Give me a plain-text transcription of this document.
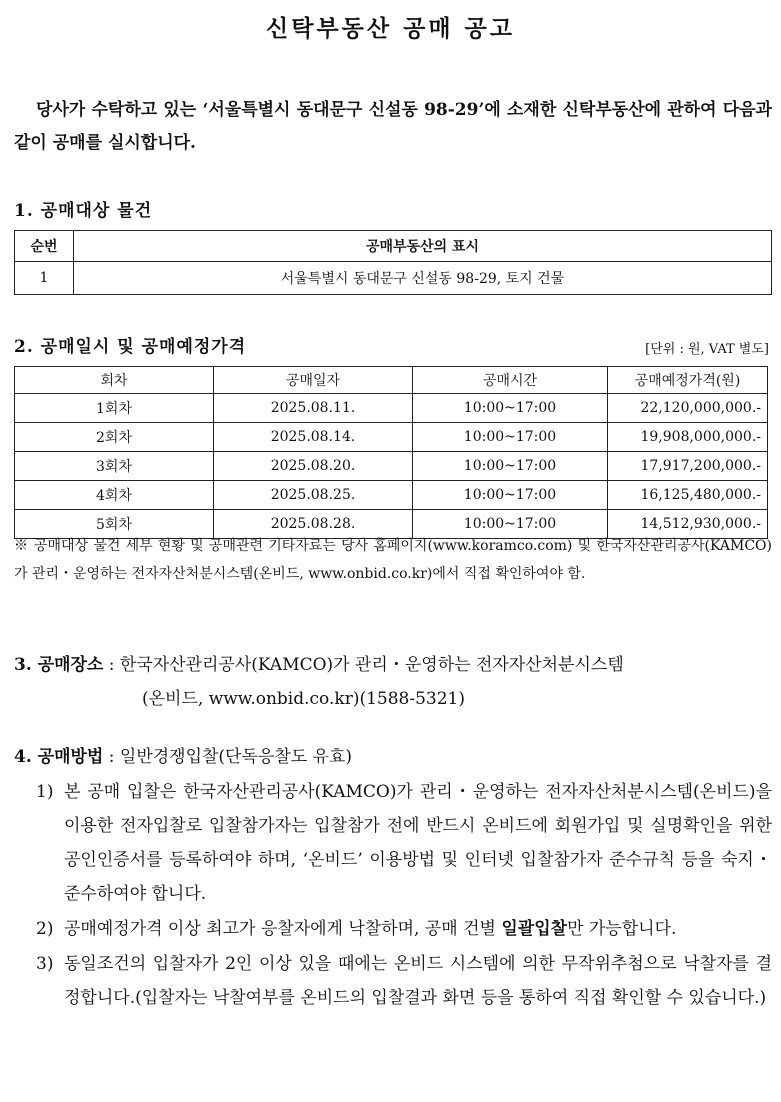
신탁부동산 공매 공고
당사가 수탁하고 있는 ‘서울특별시 동대문구 신설동 98-29’에 소재한 신탁부동산에 관하여 다음과 같이 공매를 실시합니다.
1. 공매대상 물건
순번	공매부동산의 표시
1	서울특별시 동대문구 신설동 98-29, 토지 건물
2. 공매일시 및 공매예정가격	[단위 : 원, VAT 별도]
회차	공매일자	공매시간	공매예정가격(원)
1회차	2025.08.11.	10:00~17:00	22,120,000,000.-
2회차	2025.08.14.	10:00~17:00	19,908,000,000.-
3회차	2025.08.20.	10:00~17:00	17,917,200,000.-
4회차	2025.08.25.	10:00~17:00	16,125,480,000.-
5회차	2025.08.28.	10:00~17:00	14,512,930,000.-
※ 공매대상 물건 세부 현황 및 공매관련 기타자료는 당사 홈페이지(www.koramco.com) 및 한국자산관리공사(KAMCO)가 관리・운영하는 전자자산처분시스템(온비드, www.onbid.co.kr)에서 직접 확인하여야 함.
3. 공매장소 : 한국자산관리공사(KAMCO)가 관리・운영하는 전자자산처분시스템
(온비드, www.onbid.co.kr)(1588-5321)
4. 공매방법 : 일반경쟁입찰(단독응찰도 유효)
1) 본 공매 입찰은 한국자산관리공사(KAMCO)가 관리・운영하는 전자자산처분시스템(온비드)을 이용한 전자입찰로 입찰참가자는 입찰참가 전에 반드시 온비드에 회원가입 및 실명확인을 위한 공인인증서를 등록하여야 하며, ‘온비드’ 이용방법 및 인터넷 입찰참가자 준수규칙 등을 숙지・준수하여야 합니다.
2) 공매예정가격 이상 최고가 응찰자에게 낙찰하며, 공매 건별 일괄입찰만 가능합니다.
3) 동일조건의 입찰자가 2인 이상 있을 때에는 온비드 시스템에 의한 무작위추첨으로 낙찰자를 결정합니다.(입찰자는 낙찰여부를 온비드의 입찰결과 화면 등을 통하여 직접 확인할 수 있습니다.)
